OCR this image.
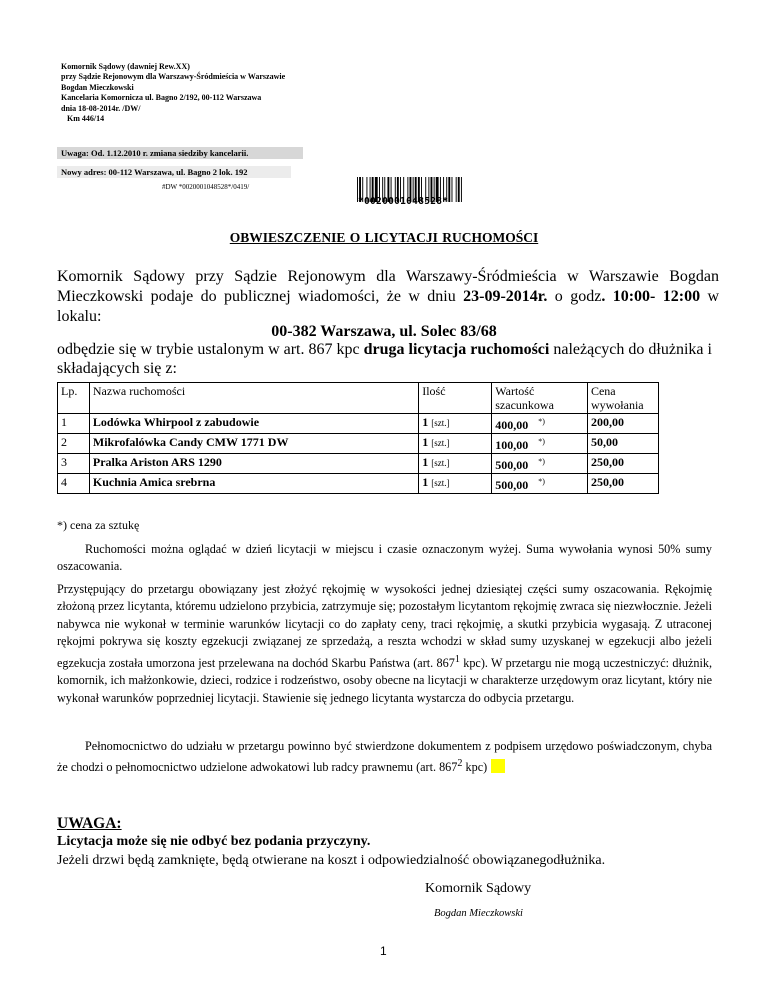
Komornik Sądowy (dawniej Rew.XX)
przy Sądzie Rejonowym dla Warszawy-Śródmieścia w Warszawie
Bogdan Mieczkowski
Kancelaria Komornicza ul. Bagno 2/192, 00-112 Warszawa
dnia 18-08-2014r. /DW/
Km 446/14
Uwaga: Od. 1.12.2010 r. zmiana siedziby kancelarii.
Nowy adres: 00-112 Warszawa, ul. Bagno 2 lok. 192
#DW *0020001048528*/0419/
*0020001048528*
OBWIESZCZENIE O LICYTACJI RUCHOMOŚCI
Komornik Sądowy przy Sądzie Rejonowym dla Warszawy-Śródmieścia w Warszawie Bogdan Mieczkowski podaje do publicznej wiadomości, że w dniu 23-09-2014r. o godz. 10:00- 12:00 w lokalu:
00-382 Warszawa, ul. Solec 83/68
odbędzie się w trybie ustalonym w art. 867 kpc druga licytacja ruchomości należących do dłużnika i składających się z:
Lp.	Nazwa ruchomości	Ilość	Wartość szacunkowa	Cena wywołania
1	Lodówka Whirpool z zabudowie	1 [szt.]	400,00 *)	200,00
2	Mikrofalówka Candy CMW 1771 DW	1 [szt.]	100,00 *)	50,00
3	Pralka Ariston ARS 1290	1 [szt.]	500,00 *)	250,00
4	Kuchnia Amica srebrna	1 [szt.]	500,00 *)	250,00
*) cena za sztukę
Ruchomości można oglądać w dzień licytacji w miejscu i czasie oznaczonym wyżej. Suma wywołania wynosi 50% sumy oszacowania.
Przystępujący do przetargu obowiązany jest złożyć rękojmię w wysokości jednej dziesiątej części sumy oszacowania. Rękojmię złożoną przez licytanta, któremu udzielono przybicia, zatrzymuje się; pozostałym licytantom rękojmię zwraca się niezwłocznie. Jeżeli nabywca nie wykonał w terminie warunków licytacji co do zapłaty ceny, traci rękojmię, a skutki przybicia wygasają. Z utraconej rękojmi pokrywa się koszty egzekucji związanej ze sprzedażą, a reszta wchodzi w skład sumy uzyskanej w egzekucji albo jeżeli egzekucja została umorzona jest przelewana na dochód Skarbu Państwa (art. $867^1$ kpc). W przetargu nie mogą uczestniczyć: dłużnik, komornik, ich małżonkowie, dzieci, rodzice i rodzeństwo, osoby obecne na licytacji w charakterze urzędowym oraz licytant, który nie wykonał warunków poprzedniej licytacji. Stawienie się jednego licytanta wystarcza do odbycia przetargu.
Pełnomocnictwo do udziału w przetargu powinno być stwierdzone dokumentem z podpisem urzędowo poświadczonym, chyba że chodzi o pełnomocnictwo udzielone adwokatowi lub radcy prawnemu (art. $867^2$ kpc)
UWAGA:
Licytacja może się nie odbyć bez podania przyczyny.
Jeżeli drzwi będą zamknięte, będą otwierane na koszt i odpowiedzialność obowiązanegodłużnika.
Komornik Sądowy
Bogdan Mieczkowski
1
